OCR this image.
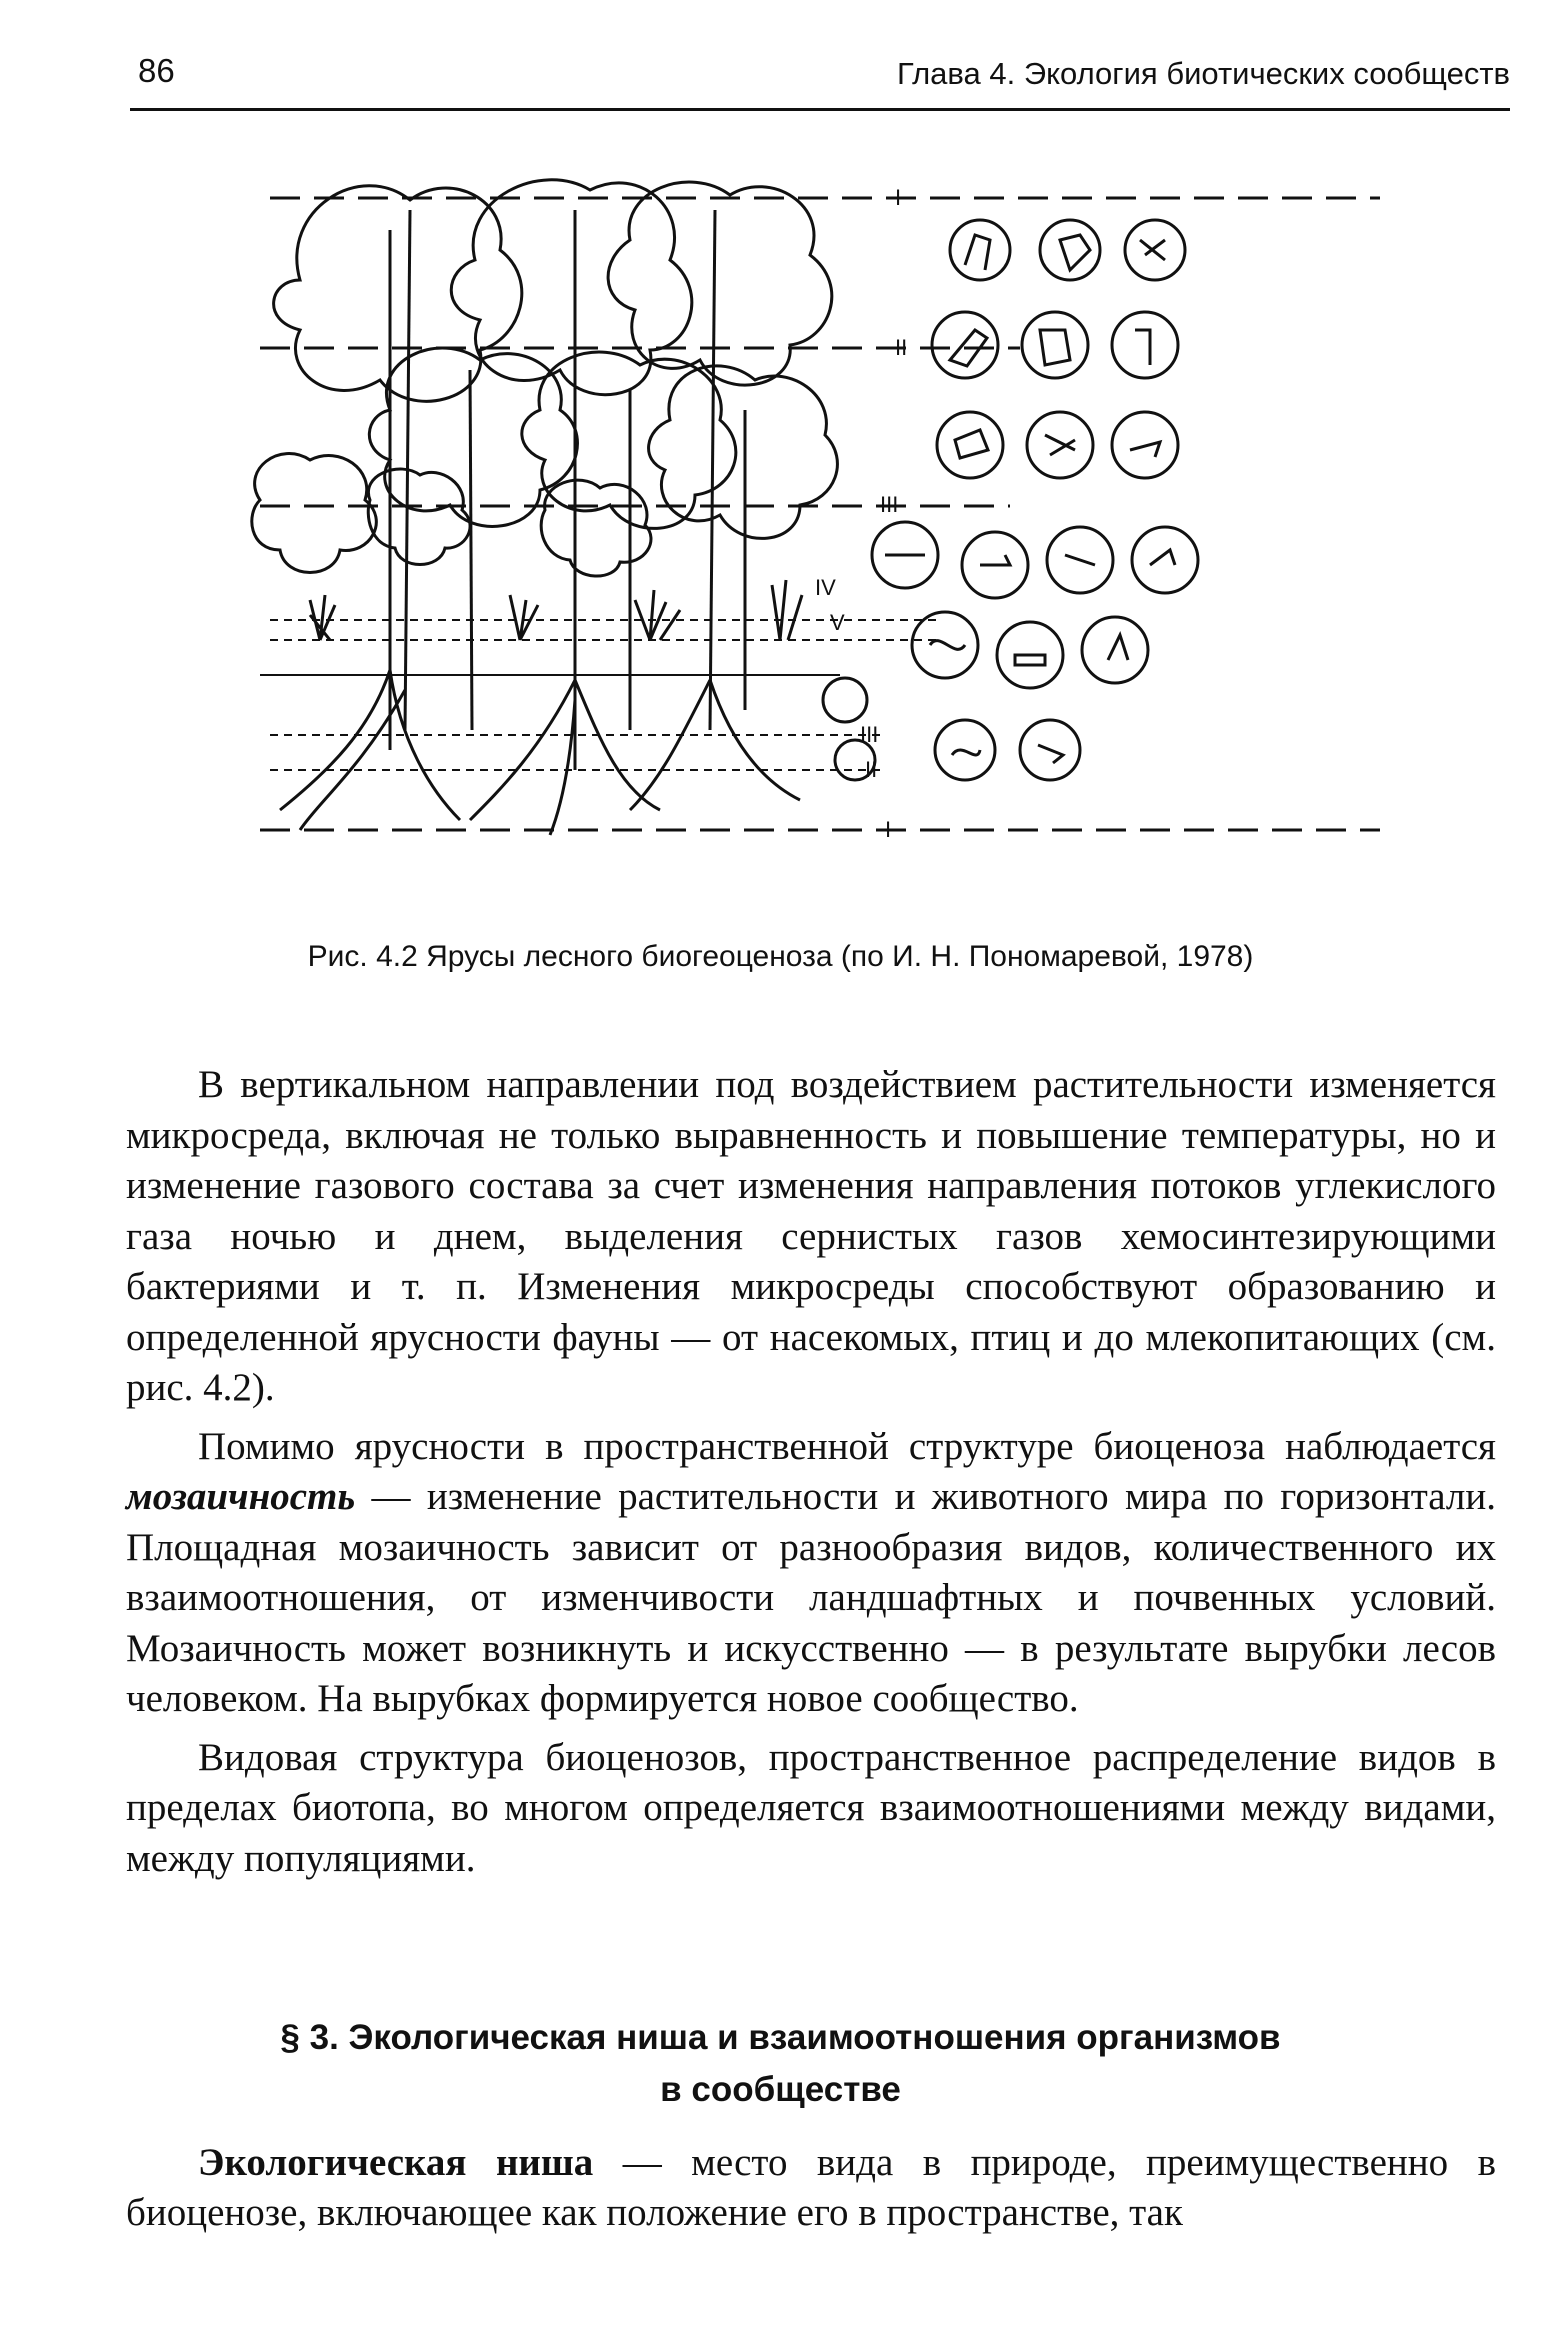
86	Глава 4. Экология биотических сообществ
I
II
III
IV
V
III
II
I
Рис. 4.2 Ярусы лесного биогеоценоза (по И. Н. Пономаревой, 1978)

В вертикальном направлении под воздействием растительности изменяется микросреда, включая не только выравненность и повышение температуры, но и изменение газового состава за счет изменения направления потоков углекислого газа ночью и днем, выделения сернистых газов хемосинтезирующими бактериями и т. п. Изменения микросреды способствуют образованию и определенной ярусности фауны — от насекомых, птиц и до млекопитающих (см. рис. 4.2).

Помимо ярусности в пространственной структуре биоценоза наблюдается мозаичность — изменение растительности и животного мира по горизонтали. Площадная мозаичность зависит от разнообразия видов, количественного их взаимоотношения, от изменчивости ландшафтных и почвенных условий. Мозаичность может возникнуть и искусственно — в результате вырубки лесов человеком. На вырубках формируется новое сообщество.

Видовая структура биоценозов, пространственное распределение видов в пределах биотопа, во многом определяется взаимоотношениями между видами, между популяциями.

§ 3. Экологическая ниша и взаимоотношения организмов
в сообществе

Экологическая ниша — место вида в природе, преимущественно в биоценозе, включающее как положение его в пространстве, так
